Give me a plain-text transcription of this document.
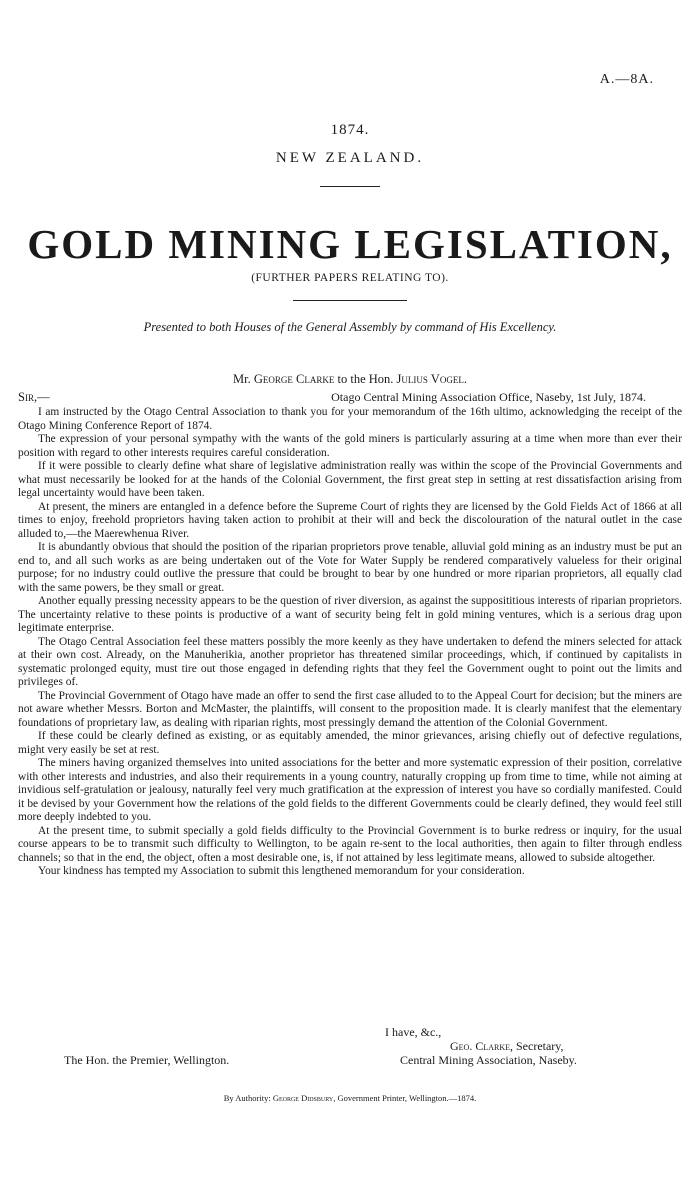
A.—8A.
1874.
NEW ZEALAND.
GOLD MINING LEGISLATION,
(FURTHER PAPERS RELATING TO).
Presented to both Houses of the General Assembly by command of His Excellency.
Mr. George Clarke to the Hon. Julius Vogel.
Sir,—	Otago Central Mining Association Office, Naseby, 1st July, 1874.

I am instructed by the Otago Central Association to thank you for your memorandum of the 16th ultimo, acknowledging the receipt of the Otago Mining Conference Report of 1874.

The expression of your personal sympathy with the wants of the gold miners is particularly assuring at a time when more than ever their position with regard to other interests requires careful consideration.

If it were possible to clearly define what share of legislative administration really was within the scope of the Provincial Governments and what must necessarily be looked for at the hands of the Colonial Government, the first great step in setting at rest dissatisfaction arising from legal uncertainty would have been taken.

At present, the miners are entangled in a defence before the Supreme Court of rights they are licensed by the Gold Fields Act of 1866 at all times to enjoy, freehold proprietors having taken action to prohibit at their will and beck the discolouration of the natural outlet in the case alluded to,—the Maerewhenua River.

It is abundantly obvious that should the position of the riparian proprietors prove tenable, alluvial gold mining as an industry must be put an end to, and all such works as are being undertaken out of the Vote for Water Supply be rendered comparatively valueless for their original purpose; for no industry could outlive the pressure that could be brought to bear by one hundred or more riparian proprietors, all equally clad with the same powers, be they small or great.

Another equally pressing necessity appears to be the question of river diversion, as against the supposititious interests of riparian proprietors. The uncertainty relative to these points is productive of a want of security being felt in gold mining ventures, which is a serious drag upon legitimate enterprise.

The Otago Central Association feel these matters possibly the more keenly as they have undertaken to defend the miners selected for attack at their own cost. Already, on the Manuherikia, another proprietor has threatened similar proceedings, which, if continued by capitalists in systematic prolonged equity, must tire out those engaged in defending rights that they feel the Government ought to point out the limits and privileges of.

The Provincial Government of Otago have made an offer to send the first case alluded to to the Appeal Court for decision; but the miners are not aware whether Messrs. Borton and McMaster, the plaintiffs, will consent to the proposition made. It is clearly manifest that the elementary foundations of proprietary law, as dealing with riparian rights, most pressingly demand the attention of the Colonial Government.

If these could be clearly defined as existing, or as equitably amended, the minor grievances, arising chiefly out of defective regulations, might very easily be set at rest.

The miners having organized themselves into united associations for the better and more systematic expression of their position, correlative with other interests and industries, and also their requirements in a young country, naturally cropping up from time to time, while not aiming at invidious self-gratulation or jealousy, naturally feel very much gratification at the expression of interest you have so cordially manifested. Could it be devised by your Government how the relations of the gold fields to the different Governments could be clearly defined, they would feel still more deeply indebted to you.

At the present time, to submit specially a gold fields difficulty to the Provincial Government is to burke redress or inquiry, for the usual course appears to be to transmit such difficulty to Wellington, to be again re-sent to the local authorities, then again to filter through endless channels; so that in the end, the object, often a most desirable one, is, if not attained by less legitimate means, allowed to subside altogether.

Your kindness has tempted my Association to submit this lengthened memorandum for your consideration.

I have, &c.,
Geo. Clarke, Secretary,
Central Mining Association, Naseby.
The Hon. the Premier, Wellington.
By Authority: George Didsbury, Government Printer, Wellington.—1874.
